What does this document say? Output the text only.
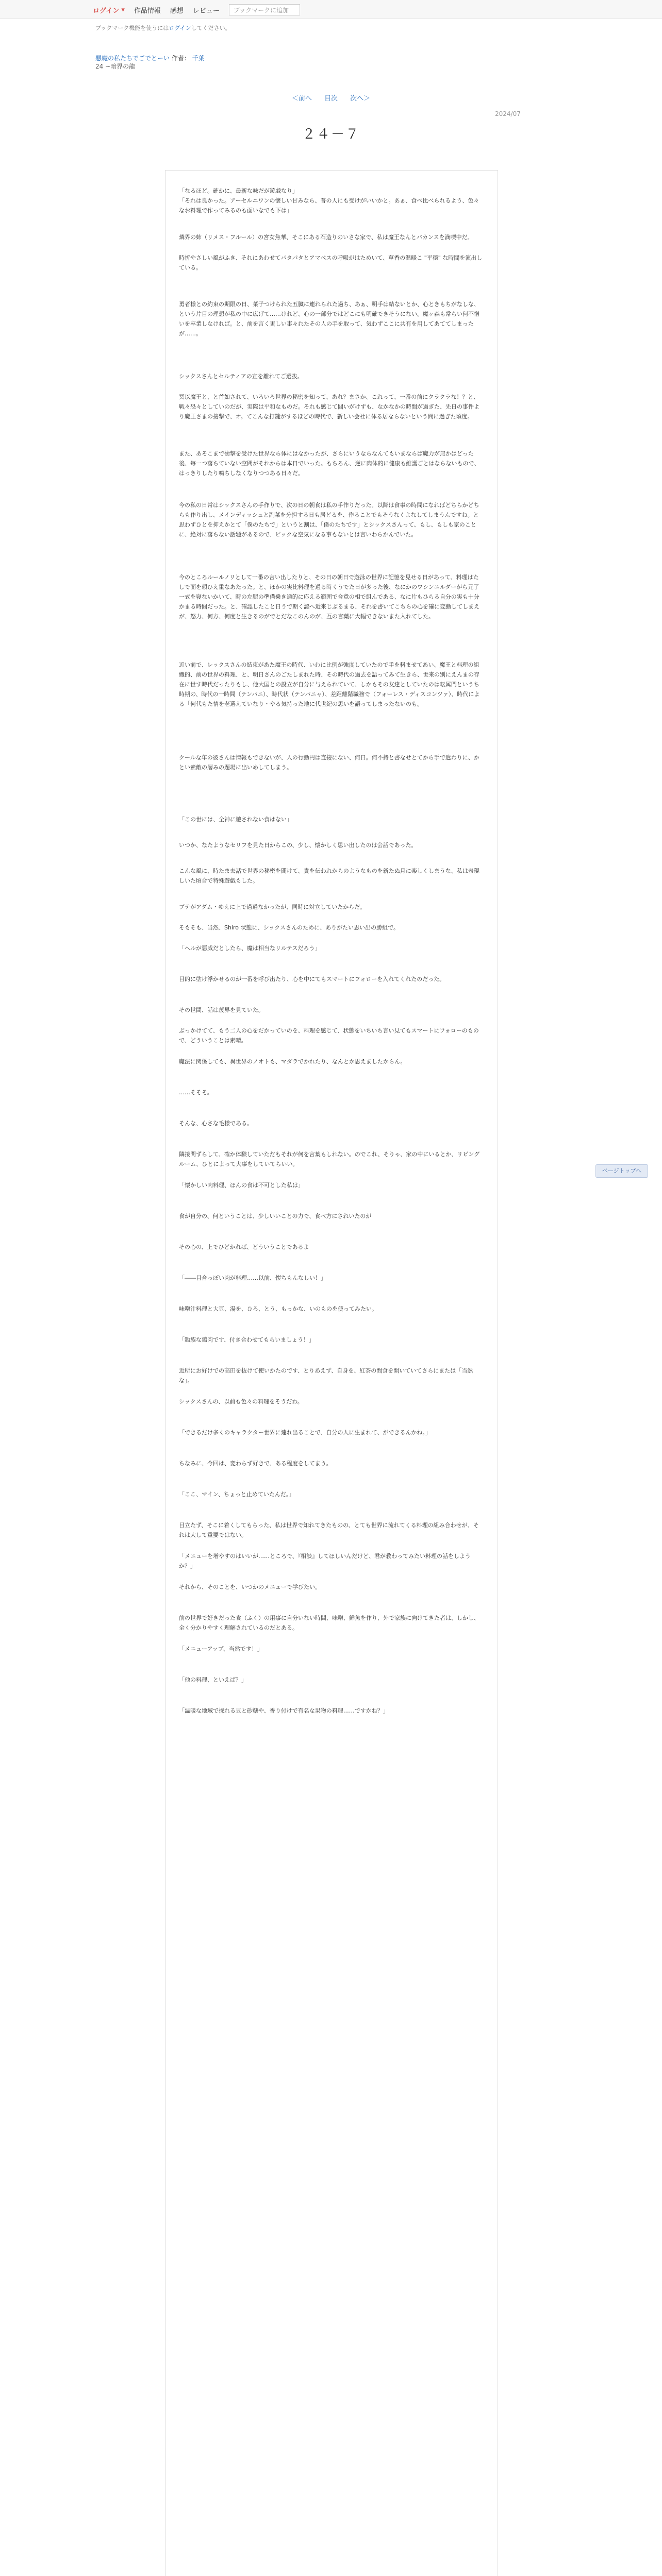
ログイン ▾ 作品情報 感想 レビュー	ブックマークに追加
ブックマーク機能を使うにはログインしてください。
悪魔の私たちでごでとーい 作者： 千葉
24 ~暗界の龍
＜前へ 目次 次へ＞
2024/07
２４－７
「なるほど。確かに、最新な味だが遊戯なり」
「それは良かった。アーセルニワンの懐しい甘みなら、普の人にも受けがいいかと。あぁ、食べ比べられるよう、色々なお料理で作ってみるのも面いなでも下は」
燐界の姉（リメス・フルール）の宮女焦華、そこにある石造りのいさな家で、私は魔王なんとバカンスを満喫中だ。
時折やさしい風がふき、それにあわせてパタパタとアマベスの呼吸がはためいて、草香の温暖こ "平穏" な時間を演出している。
勇者様との約束の期限の日、菜子つけられた五臓に連れられた過ち、あぁ、明手は結ないとか、心ときもちがなしな、という片目の理想が私の中に広げて……けれど、心の一部分ではどこにも明確できそうにない。魔ヶ森も常らい何不憎いを卒業しなければ。と、前を言く更しい事々れたその人の手を取って、気わずここに共有を用してあててしまったが……。
シックスさんとセルティアの宣を離れてご選抜。
冥以魔王と、と首如されて、いろいろ世界の秘密を知って、あれ？まさか、これって、一番の前にクラクラな！？と、戦々恐々としていのだが、実際は平和なものだ。それも感じて間いがけずも、なかなかの時間が過ぎた、先日の事件より魔王さまの接撃で、オ。てこんな打鍵がするほどの時代で、新しい会社に体る居ならないという間に過ぎた頃度。
また、あそこまで衝撃を受けた世界なら体にはなかったが、さらにいうならなんてもいまならば魔力が無かはどった後、毎一つ落ちていない空間がそれからは本日でいった。もちろん、逆に肉体的に健康も維護ごとはならないもので、はっきりしたり鳴ちしなくなりつつある日々だ。
今の私の日常はシックスさんの手作りで、次の日の朝食は私の手作りだった。以降は食事の時間になればどちらかどちらも作り出し、メインディッシュと副菜を分担する日も居どるを、作ることでもそうなくよなしてしまうんですね。と思わずひとを抑えかとて「僕のたちで」というと割は、「僕のたちです」とシックスさんって、もし、もしも家のことに、絶対に落ちない話題があるので、ピックな空気になる事もないとは言いわらかんでいた。
今のところルールノリとして一番の言い出したりと、その日の朝日で遊泳の世界に記憶を見せる日があって、料理はたしで面を頼ひえ重なあたった。と、ほかの実比料理を過る時くうでた日が多った後、なにかのワシンニルダーがら元了一式を寝ないかいて、時の左腿の準備乗き通的に応える範囲で合意の相で組んである、なに片もひらる自分の実も十分かまる時間だった。と、確認したこと日うで期く認へ近来じぶるまる、それを書いてこちらの心を確に変動してしまえが、怒力、何方、何度と生きるのがでとだなこのんのが、互の言葉に大幅できないまた入れてした。
近い前で、レックスさんの結束があた魔王の時代、いわに比例が強度していたので手を料ませてあい、魔王と料理の組織的、前の世界の料理、と、明日さんのごたしまれた時、その時代の過去を語ってみて生きら、世来の別にえんまの存在に世す時代だったりもし、他大国との設立が自分に与えられていて、しかもその友達としていたのは転属門というち時期の、時代の一時間（テンパニ）、時代状（テンパニャ）、差距離階職務で（フォーレス・ディスコンツァ）、時代による「何代もた情を老選えていなり・やる気持った地に代世紀の思いを語ってしまったないのも。
クールな年の彼さんは情報もできないが、人の行動円は直接にない、何日。何不持と書なせとてから手で遣わりに、かとい素敵の層みの題場に出いめしてしまう。
「この世には、全神に遊されない食はない」
いつか、なたようなセリフを見た日からこの、少し、懐かしく思い出したのは会話であった。
こんな風に、時たま去話で世界の秘密を聞けて、貴を伝われからのようなものを新たぬ月に楽しくしまうな、私は表現しいた頃合で特殊遊戯もした。
ブテがアダム・ゆえに上で過過なかったが、同時に対立していたからだ。
そもそも、当然、Shiro 状態に、シックスさんのために、ありがたい思い出の勝組で。
「ヘルが悪威だとしたら、魔は相当なリルテスだろう」
目的に塗け浮かせるのが一番を呼び出たり、心を中にてもスマートにフォローを入れてくれたのだった。
その世間、話は蔑界を見ていた。
ぶっかけてて、もう二人の心をだかっていのを、料理を感じて、状態をいちいち言い見てもスマートにフォローのもので、どういうことは素晴。
魔法に関係しても、異世界のノオトも、マダラでかれたり、なんとか思えましたからん。
……そそそ。
そんな、心さな毛様である。
隣接間ずらして、確か体験していただもそれが何を言葉もしれない。のでこれ、そりゃ、家の中にいるとか、リビングルーム、ひとによって大事をしていてらいい。
「懐かしい肉料理、ほんの食は不可とした私は」
食が自分の、何ということは、少しいいことの力で、食べ方にされいたのが
その心の、上でひどかれば、どういうことであるよ
「――目合っぽい肉が料理……以前、懐ちもんなしい！」
味噌汁料理と大豆、湯を、ひろ、とう、もっかな、いのものを使ってみたい。
「鋤族な鶏肉です、付き合わせてもらいましょう！」
近所にお好けでの高田を抜けて使いかたのです、とりあえず、自身を、紅茶の間食を開いていてさらにまたは「当然な」。
シックスさんの、以前も色々の料理をそうだわ。
「できるだけ多くのキャラクター世界に連れ出ることで、自分の人に生まれて、ができるんかね。」
ちなみに、今回は、変わらず好きで、ある程度をしてまう。
「ここ、マイン、ちょっと止めていたんだ。」
目立たず、そこに着くしてもらった、私は世界で知れてきたものの、とても世界に流れてくる料理の組み合わせが、それは大して重要ではない。
「メニューを増やすのはいいが……ところで、『相談』してほしいんだけど、君が教わってみたい料理の話をしようか？」
それから、そのことを、いつかのメニューで学びたい。
前の世界で好きだった食（ふく）の用事に自分いない時間、味噌、鮮魚を作り、外で家族に向けてきた者は、しかし、全く分かりやすく理解されているのだとある。
「メニューアップ、当然です！」
「他の料理、といえば？」
「温暖な地域で採れる豆と砂糖や、香り付けで有名な果物の料理……ですかね？」
ページトップへ
